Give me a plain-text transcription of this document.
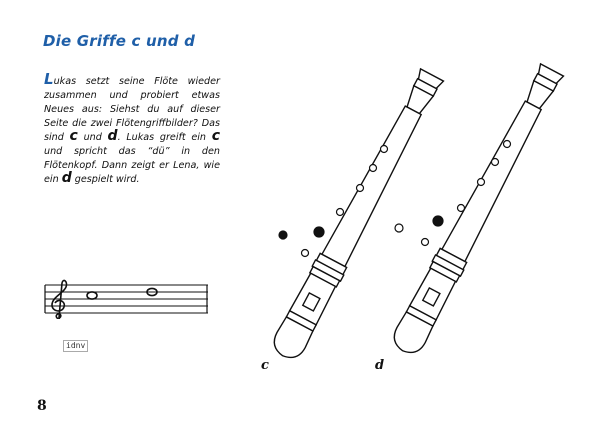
Die Griffe c und d
Lukas setzt seine Flöte wieder zusammen und probiert etwas Neues aus: Siehst du auf dieser Seite die zwei Flötengriffbilder? Das sind c und d. Lukas greift ein c und spricht das “dü” in den Flötenkopf. Dann zeigt er Lena, wie ein d gespielt wird.
idnv
c	d
8
